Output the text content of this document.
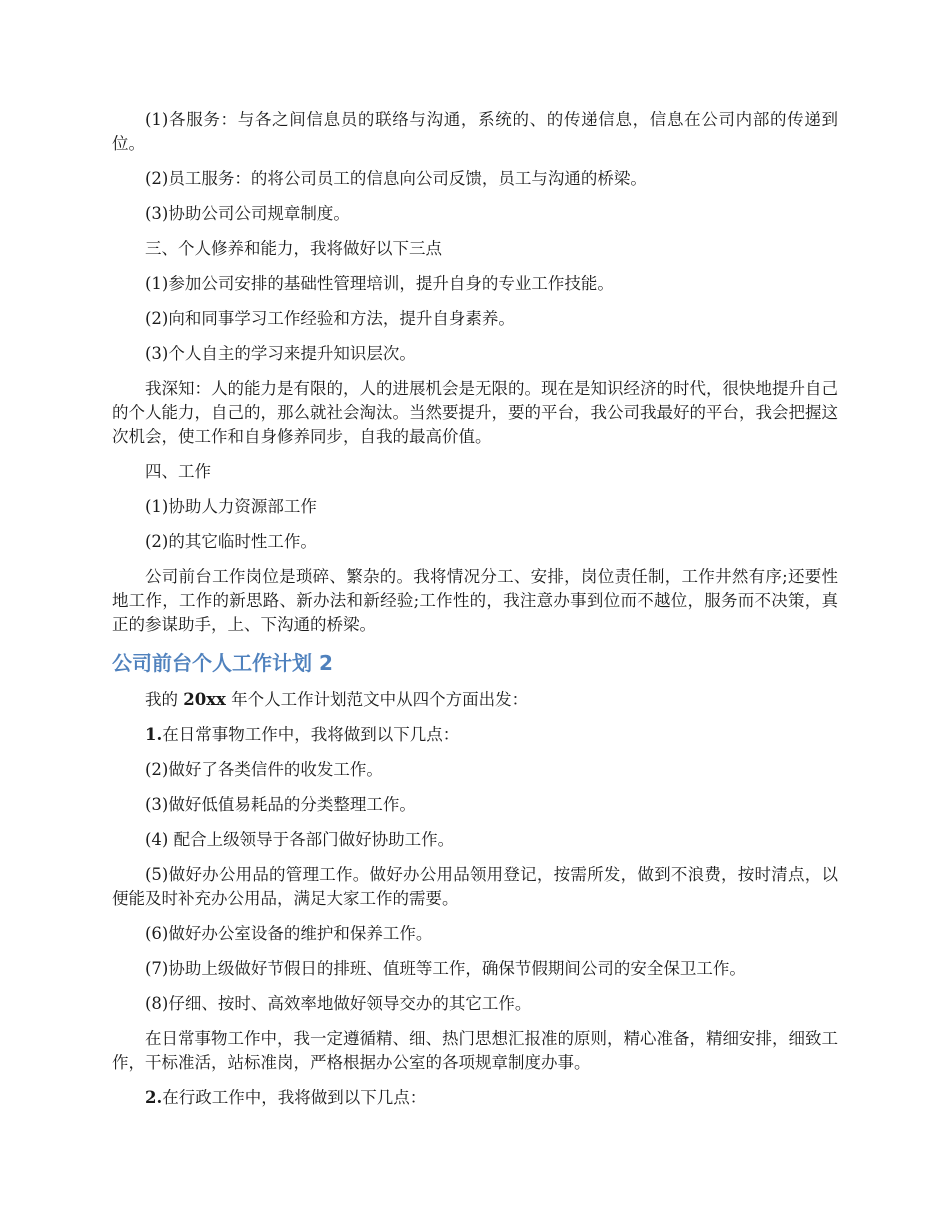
(1)各服务：与各之间信息员的联络与沟通，系统的、的传递信息，信息在公司内部的传递到位。

(2)员工服务：的将公司员工的信息向公司反馈，员工与沟通的桥梁。

(3)协助公司公司规章制度。

三、个人修养和能力，我将做好以下三点

(1)参加公司安排的基础性管理培训，提升自身的专业工作技能。

(2)向和同事学习工作经验和方法，提升自身素养。

(3)个人自主的学习来提升知识层次。

我深知：人的能力是有限的，人的进展机会是无限的。现在是知识经济的时代，很快地提升自己的个人能力，自己的，那么就社会淘汰。当然要提升，要的平台，我公司我最好的平台，我会把握这次机会，使工作和自身修养同步，自我的最高价值。

四、工作

(1)协助人力资源部工作

(2)的其它临时性工作。

公司前台工作岗位是琐碎、繁杂的。我将情况分工、安排，岗位责任制，工作井然有序;还要性地工作，工作的新思路、新办法和新经验;工作性的，我注意办事到位而不越位，服务而不决策，真正的参谋助手，上、下沟通的桥梁。

公司前台个人工作计划 2

我的 20xx 年个人工作计划范文中从四个方面出发：

1.在日常事物工作中，我将做到以下几点：

(2)做好了各类信件的收发工作。

(3)做好低值易耗品的分类整理工作。

(4) 配合上级领导于各部门做好协助工作。

(5)做好办公用品的管理工作。做好办公用品领用登记，按需所发，做到不浪费，按时清点，以便能及时补充办公用品，满足大家工作的需要。

(6)做好办公室设备的维护和保养工作。

(7)协助上级做好节假日的排班、值班等工作，确保节假期间公司的安全保卫工作。

(8)仔细、按时、高效率地做好领导交办的其它工作。

在日常事物工作中，我一定遵循精、细、热门思想汇报准的原则，精心准备，精细安排，细致工作，干标准活，站标准岗，严格根据办公室的各项规章制度办事。

2.在行政工作中，我将做到以下几点：
